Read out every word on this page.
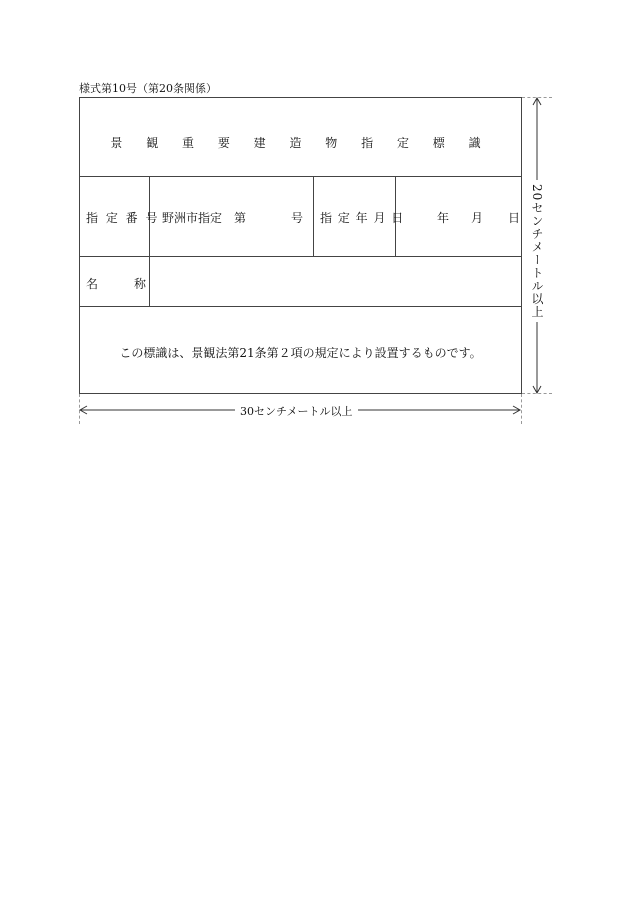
様式第10号（第20条関係）
景 観 重 要 建 造 物 指 定 標 識
指 定 番 号 野洲市指定　第	号 指 定 年 月 日	年 月 日
名　　　称
この標識は、景観法第21条第２項の規定により設置するものです。
20センチメートル以上
30センチメートル以上
